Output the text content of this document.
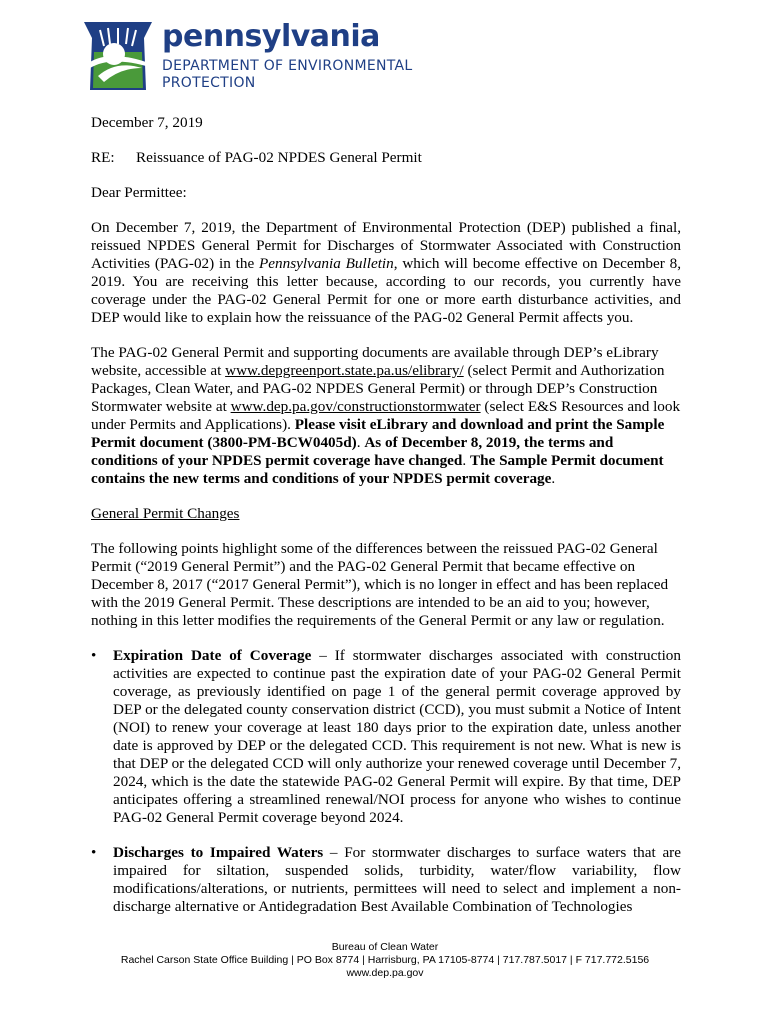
pennsylvania
DEPARTMENT OF ENVIRONMENTAL
PROTECTION

December 7, 2019

RE:	Reissuance of PAG-02 NPDES General Permit

Dear Permittee:

On December 7, 2019, the Department of Environmental Protection (DEP) published a final, reissued NPDES General Permit for Discharges of Stormwater Associated with Construction Activities (PAG-02) in the Pennsylvania Bulletin, which will become effective on December 8, 2019. You are receiving this letter because, according to our records, you currently have coverage under the PAG-02 General Permit for one or more earth disturbance activities, and DEP would like to explain how the reissuance of the PAG-02 General Permit affects you.

The PAG-02 General Permit and supporting documents are available through DEP’s eLibrary website, accessible at www.depgreenport.state.pa.us/elibrary/ (select Permit and Authorization Packages, Clean Water, and PAG-02 NPDES General Permit) or through DEP’s Construction Stormwater website at www.dep.pa.gov/constructionstormwater (select E&S Resources and look under Permits and Applications). Please visit eLibrary and download and print the Sample Permit document (3800-PM-BCW0405d). As of December 8, 2019, the terms and conditions of your NPDES permit coverage have changed. The Sample Permit document contains the new terms and conditions of your NPDES permit coverage.

General Permit Changes

The following points highlight some of the differences between the reissued PAG-02 General Permit (“2019 General Permit”) and the PAG-02 General Permit that became effective on December 8, 2017 (“2017 General Permit”), which is no longer in effect and has been replaced with the 2019 General Permit. These descriptions are intended to be an aid to you; however, nothing in this letter modifies the requirements of the General Permit or any law or regulation.

• Expiration Date of Coverage – If stormwater discharges associated with construction activities are expected to continue past the expiration date of your PAG-02 General Permit coverage, as previously identified on page 1 of the general permit coverage approved by DEP or the delegated county conservation district (CCD), you must submit a Notice of Intent (NOI) to renew your coverage at least 180 days prior to the expiration date, unless another date is approved by DEP or the delegated CCD. This requirement is not new. What is new is that DEP or the delegated CCD will only authorize your renewed coverage until December 7, 2024, which is the date the statewide PAG-02 General Permit will expire. By that time, DEP anticipates offering a streamlined renewal/NOI process for anyone who wishes to continue PAG-02 General Permit coverage beyond 2024.
• Discharges to Impaired Waters – For stormwater discharges to surface waters that are impaired for siltation, suspended solids, turbidity, water/flow variability, flow modifications/alterations, or nutrients, permittees will need to select and implement a non-discharge alternative or Antidegradation Best Available Combination of Technologies
Bureau of Clean Water
Rachel Carson State Office Building | PO Box 8774 | Harrisburg, PA 17105-8774 | 717.787.5017 | F 717.772.5156
www.dep.pa.gov
